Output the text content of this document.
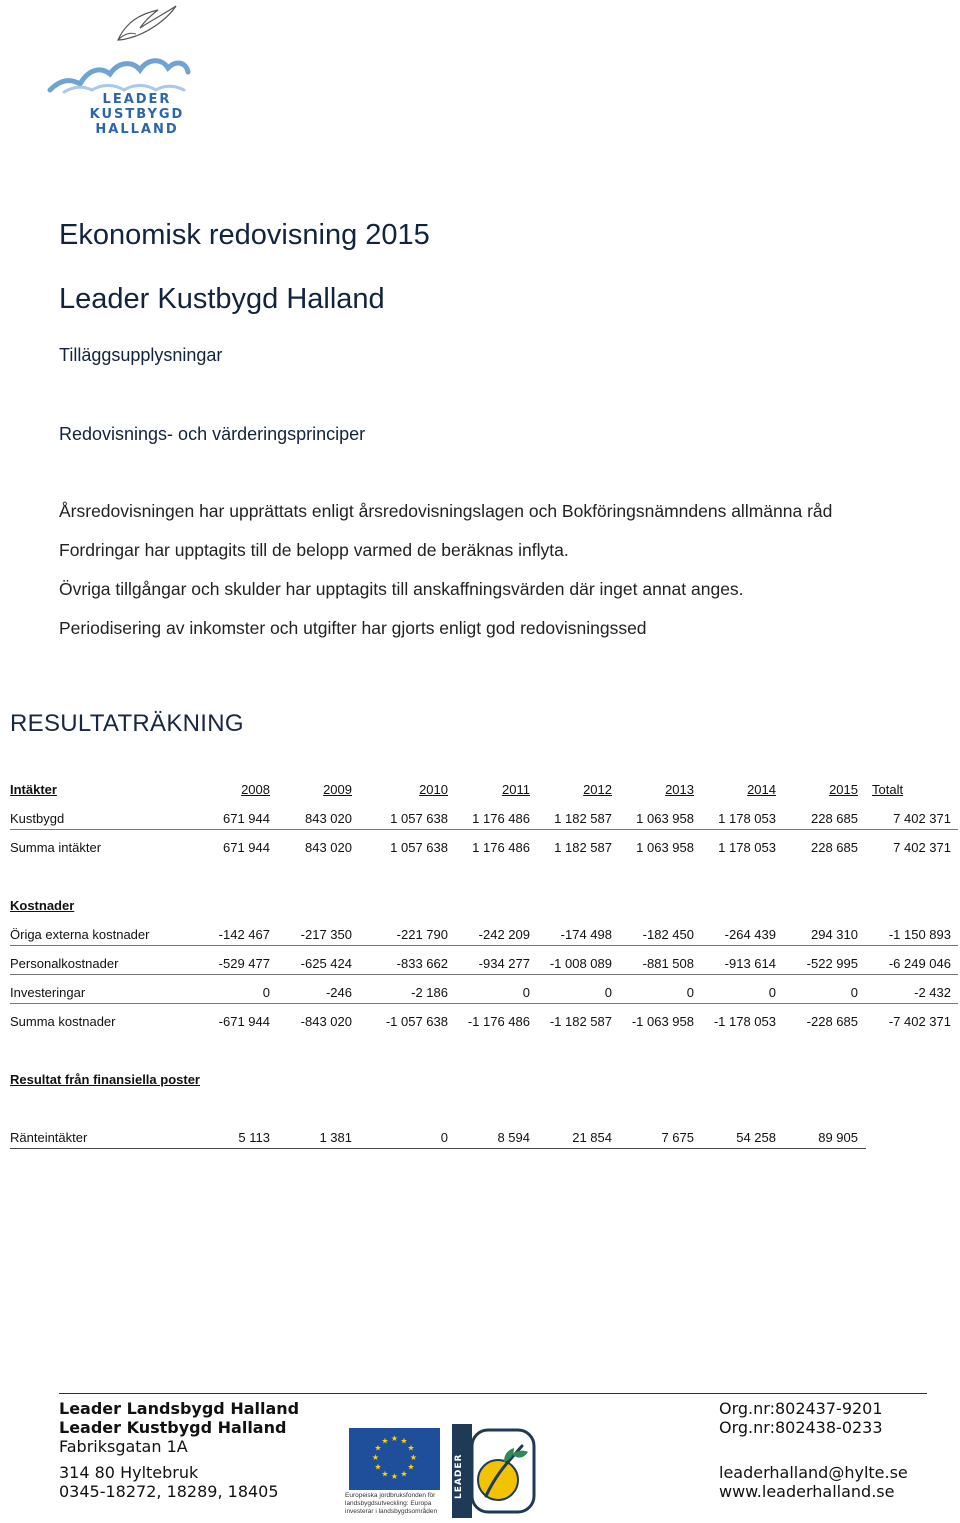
LEADER
KUSTBYGD
HALLAND
Ekonomisk redovisning 2015
Leader Kustbygd Halland
Tilläggsupplysningar
Redovisnings- och värderingsprinciper
Årsredovisningen har upprättats enligt årsredovisningslagen och Bokföringsnämndens allmänna råd
Fordringar har upptagits till de belopp varmed de beräknas inflyta.
Övriga tillgångar och skulder har upptagits till anskaffningsvärden där inget annat anges.
Periodisering av inkomster och utgifter har gjorts enligt god redovisningssed
RESULTATRÄKNING
Intäkter	2008	2009	2010	2011	2012	2013	2014	2015 Totalt
Kustbygd	671 944	843 020	1 057 638	1 176 486	1 182 587	1 063 958	1 178 053	228 685	7 402 371
Summa intäkter	671 944	843 020	1 057 638	1 176 486	1 182 587	1 063 958	1 178 053	228 685	7 402 371
Kostnader
Öriga externa kostnader	-142 467	-217 350	-221 790	-242 209	-174 498	-182 450	-264 439	294 310	-1 150 893
Personalkostnader	-529 477	-625 424	-833 662	-934 277	-1 008 089	-881 508	-913 614	-522 995	-6 249 046
Investeringar	0	-246	-2 186	0	0	0	0	0	-2 432
Summa kostnader	-671 944	-843 020	-1 057 638	-1 176 486	-1 182 587	-1 063 958	-1 178 053	-228 685	-7 402 371
Resultat från finansiella poster
Ränteintäkter	5 113	1 381	0	8 594	21 854	7 675	54 258	89 905
Leader Landsbygd Halland
Leader Kustbygd Halland
Fabriksgatan 1A
314 80 Hyltebruk
0345-18272, 18289, 18405
Org.nr:802437-9201
Org.nr:802438-0233
leaderhalland@hylte.se
www.leaderhalland.se
★ ★
★
★
★
★
★
★
★
★
★
★
Europeiska jordbruksfonden för landsbygdsutveckling: Europa investerar i landsbygdsområden
LEADER
